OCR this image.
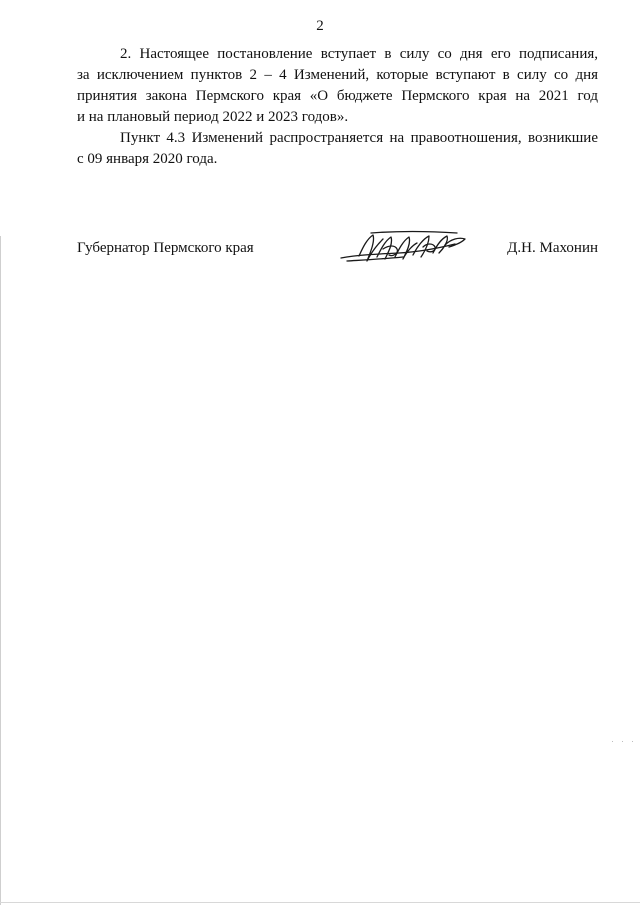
2

2. Настоящее постановление вступает в силу со дня его подписания,
за исключением пунктов 2 – 4 Изменений, которые вступают в силу со дня
принятия закона Пермского края «О бюджете Пермского края на 2021 год
и на плановый период 2022 и 2023 годов».

Пункт 4.3 Изменений распространяется на правоотношения, возникшие
с 09 января 2020 года.

Губернатор Пермского края	Д.Н. Махонин
